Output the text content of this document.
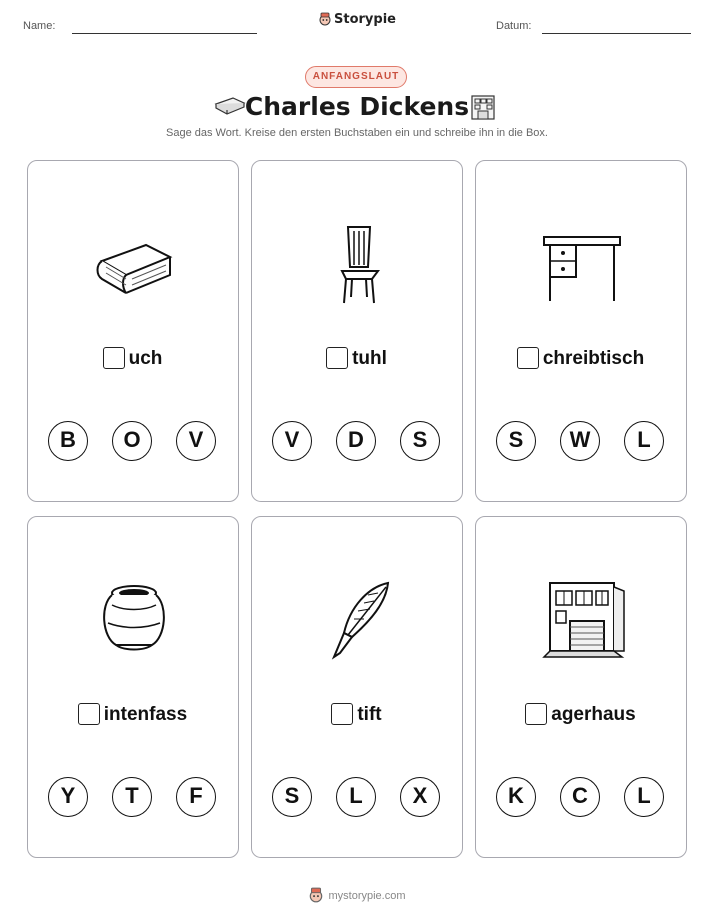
Name:	Storypie	Datum:
ANFANGSLAUT
Charles Dickens
Sage das Wort. Kreise den ersten Buchstaben ein und schreibe ihn in die Box.
uch
B	O	V
tuhl
V	D	S
chreibtisch
S	W	L
intenfass
Y	T	F
tift
S	L	X
agerhaus
K	C	L
mystorypie.com
